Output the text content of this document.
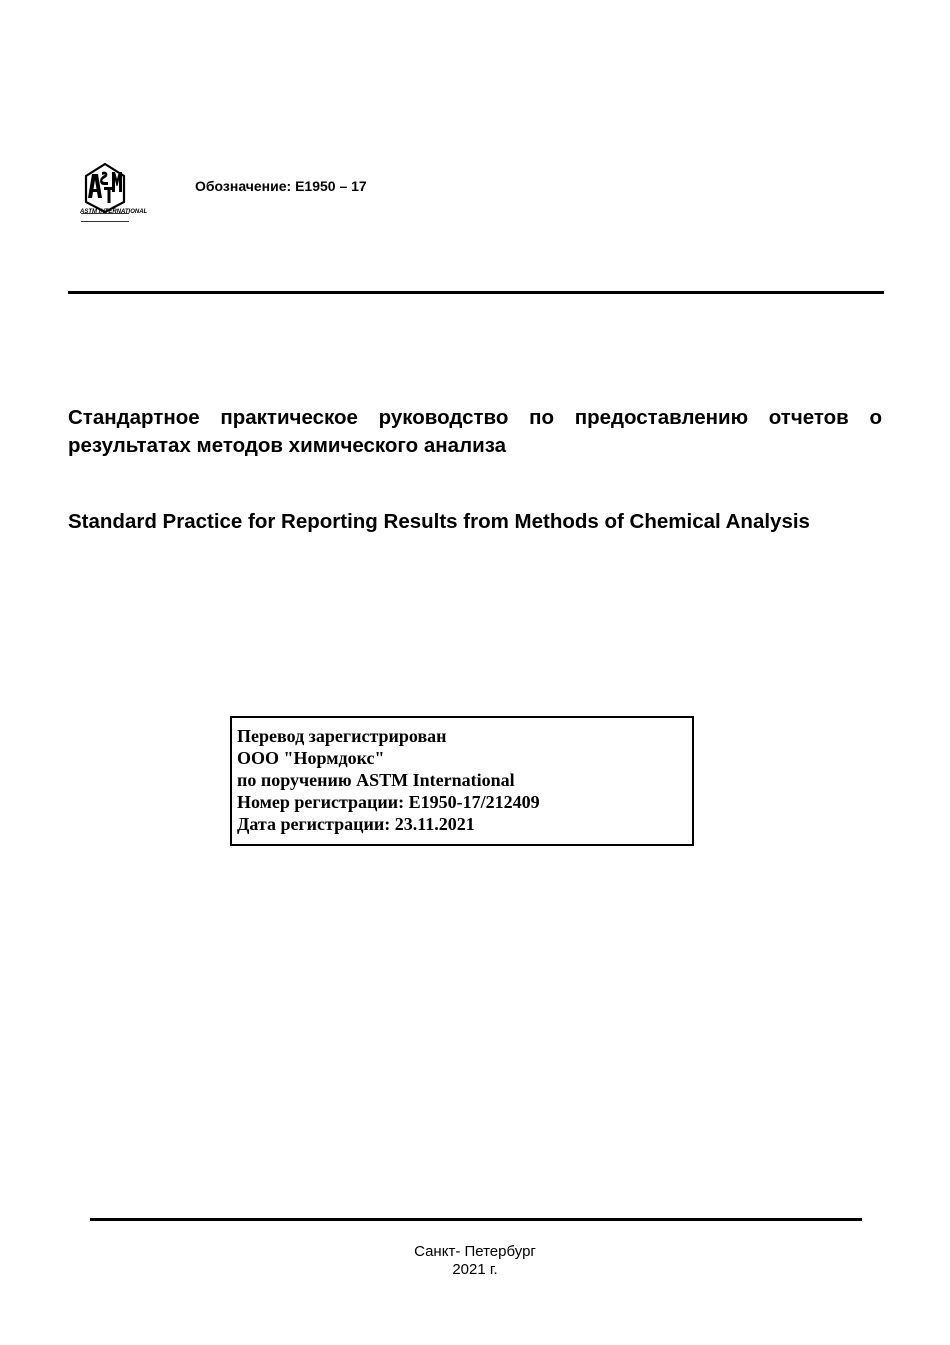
ASTM INTERNATIONAL
Обозначение: E1950 – 17
Стандартное практическое руководство по предоставлению отчетов о результатах методов химического анализа
Standard Practice for Reporting Results from Methods of Chemical Analysis
Перевод зарегистрирован
ООО "Нормдокс"
по поручению ASTM International
Номер регистрации: E1950-17/212409
Дата регистрации: 23.11.2021
Санкт- Петербург
2021 г.
